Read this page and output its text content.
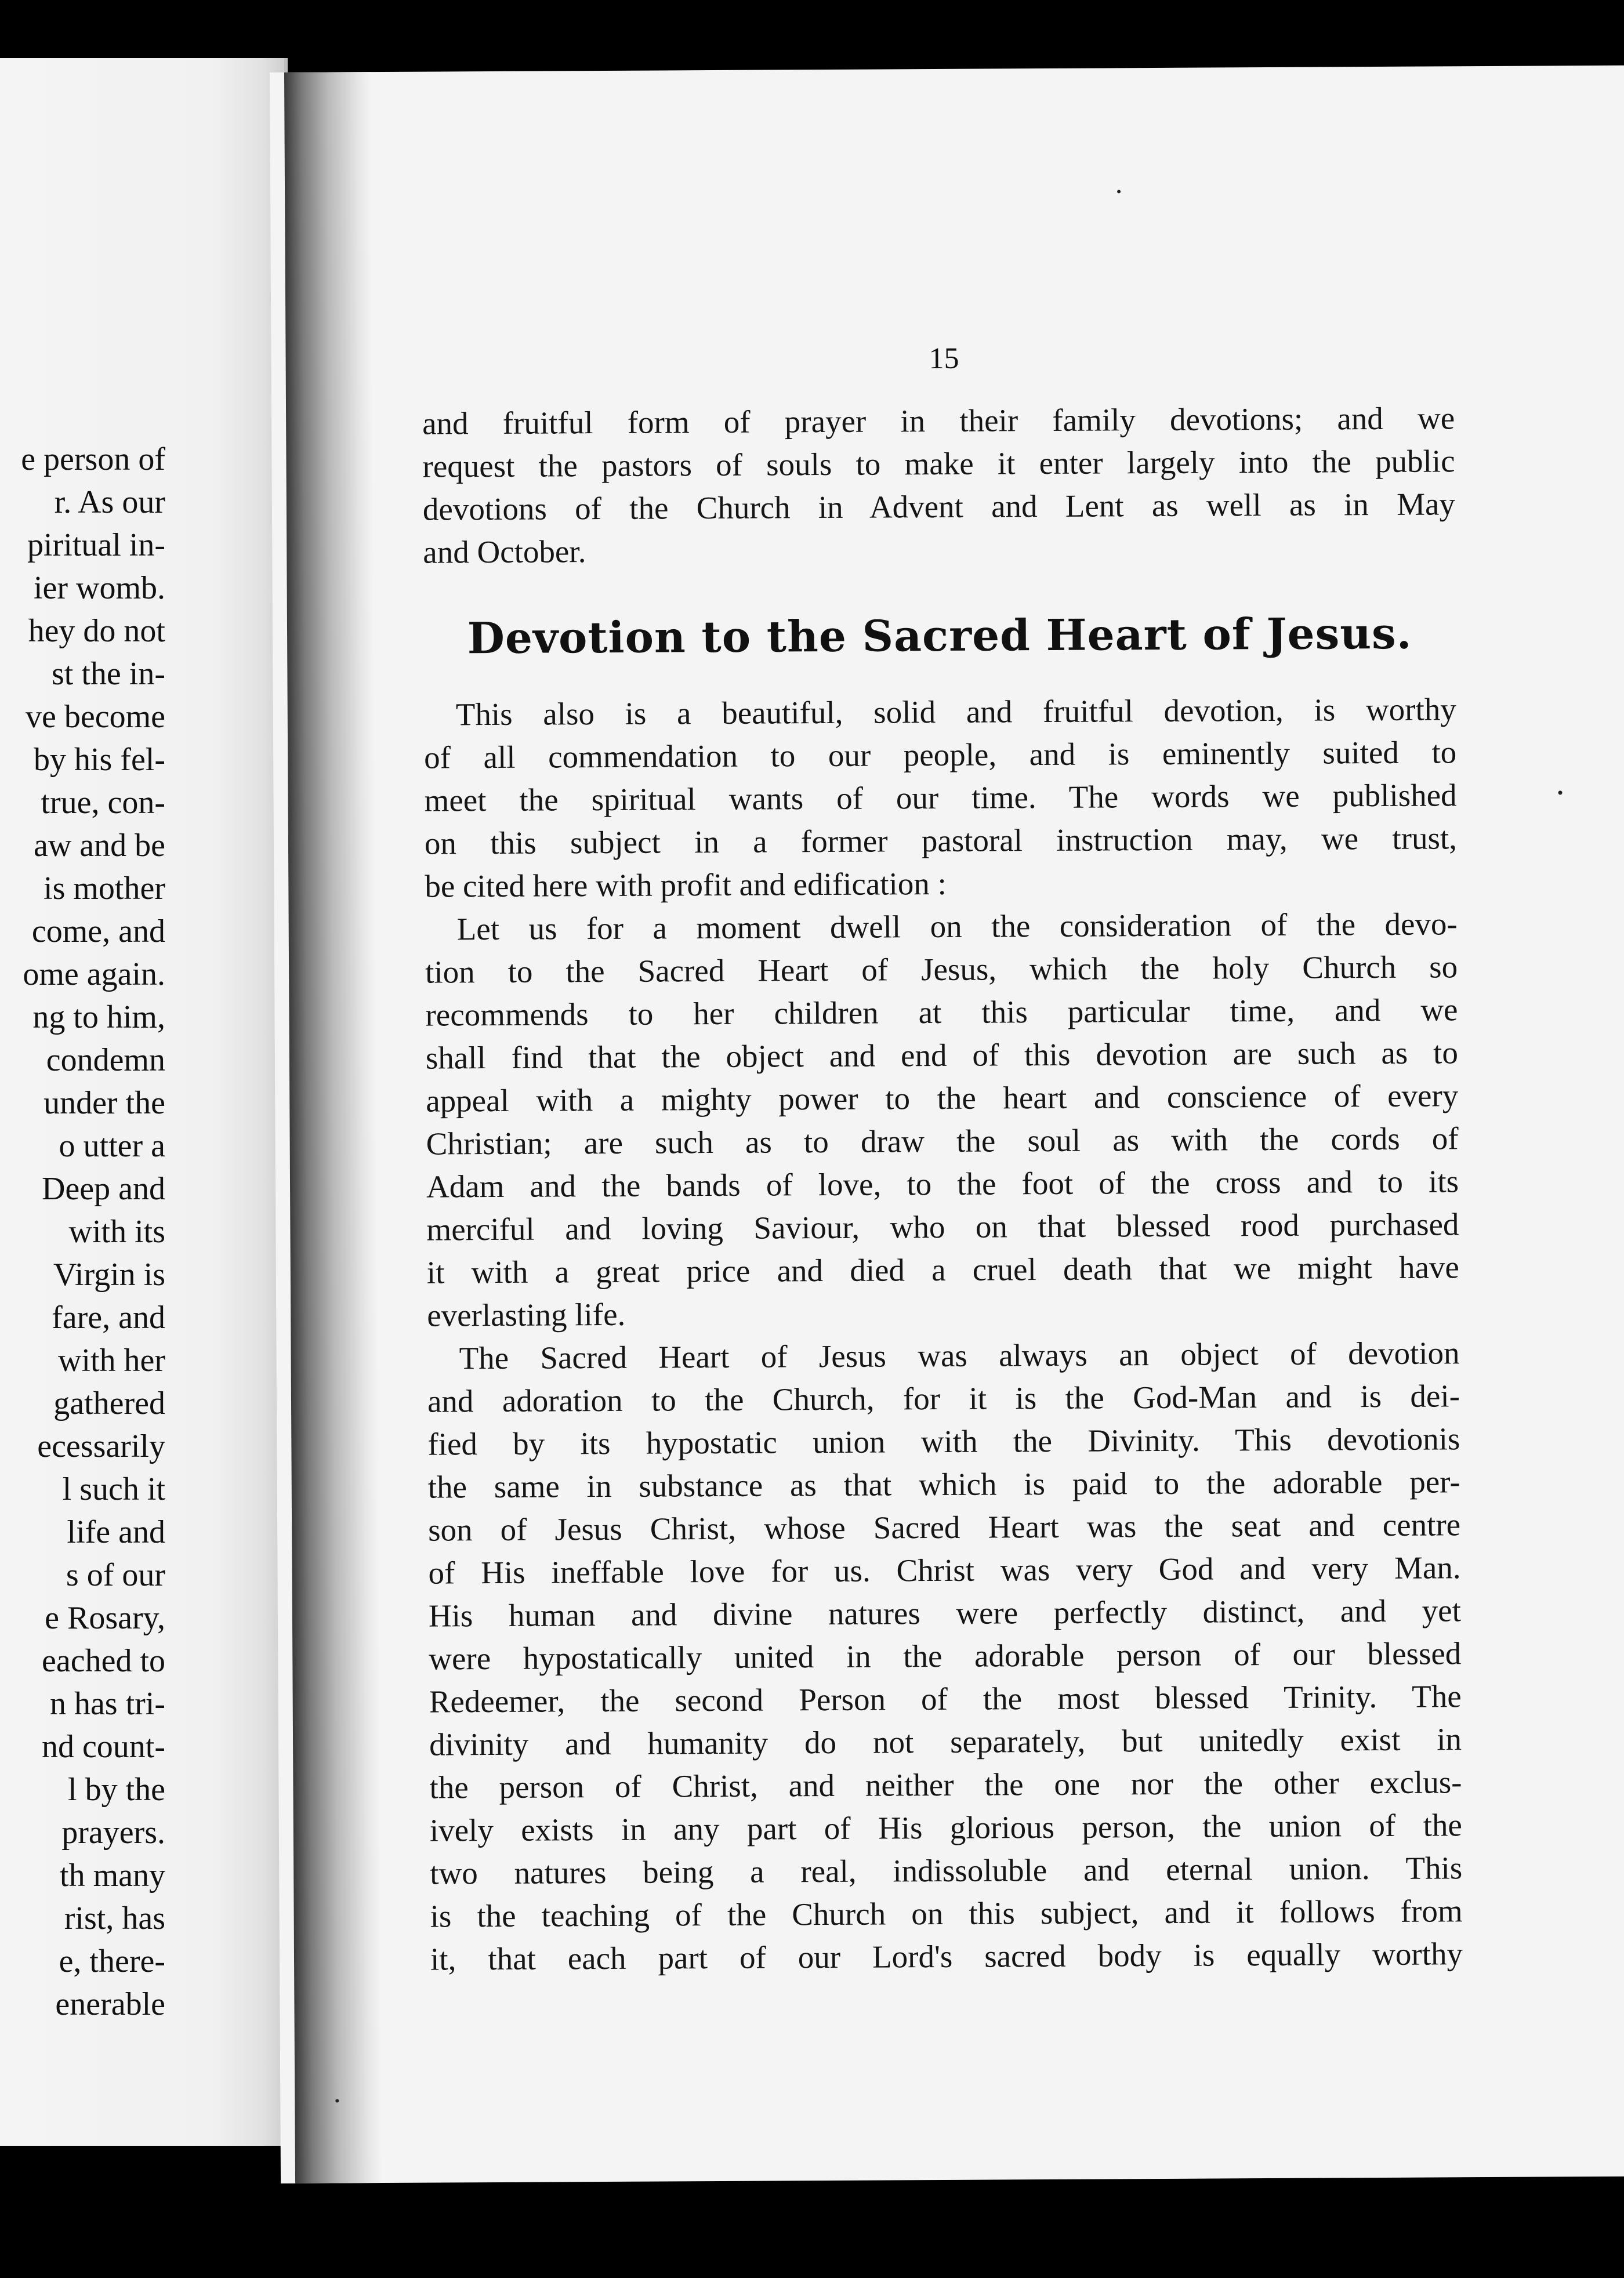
e person of
r. As our
piritual in-
ier womb.
hey do not
st the in-
ve become
by his fel-
true, con-
aw and be
is mother
come, and
ome again.
ng to him,
condemn
under the
o utter a
Deep and
with its
Virgin is
fare, and
with her
gathered
ecessarily
l such it
life and
s of our
e Rosary,
eached to
n has tri-
nd count-
l by the
prayers.
th many
rist, has
e, there-
enerable
15
and fruitful form of prayer in their family devotions; and we
request the pastors of souls to make it enter largely into the public
devotions of the Church in Advent and Lent as well as in May
and October.
Devotion to the Sacred Heart of Jesus.
This also is a beautiful, solid and fruitful devotion, is worthy
of all commendation to our people, and is eminently suited to
meet the spiritual wants of our time. The words we published
on this subject in a former pastoral instruction may, we trust,
be cited here with profit and edification :
Let us for a moment dwell on the consideration of the devo-
tion to the Sacred Heart of Jesus, which the holy Church so
recommends to her children at this particular time, and we
shall find that the object and end of this devotion are such as to
appeal with a mighty power to the heart and conscience of every
Christian; are such as to draw the soul as with the cords of
Adam and the bands of love, to the foot of the cross and to its
merciful and loving Saviour, who on that blessed rood purchased
it with a great price and died a cruel death that we might have
everlasting life.
The Sacred Heart of Jesus was always an object of devotion
and adoration to the Church, for it is the God-Man and is dei-
fied by its hypostatic union with the Divinity. This devotionis
the same in substance as that which is paid to the adorable per-
son of Jesus Christ, whose Sacred Heart was the seat and centre
of His ineffable love for us. Christ was very God and very Man.
His human and divine natures were perfectly distinct, and yet
were hypostatically united in the adorable person of our blessed
Redeemer, the second Person of the most blessed Trinity. The
divinity and humanity do not separately, but unitedly exist in
the person of Christ, and neither the one nor the other exclus-
ively exists in any part of His glorious person, the union of the
two natures being a real, indissoluble and eternal union. This
is the teaching of the Church on this subject, and it follows from
it, that each part of our Lord's sacred body is equally worthy
